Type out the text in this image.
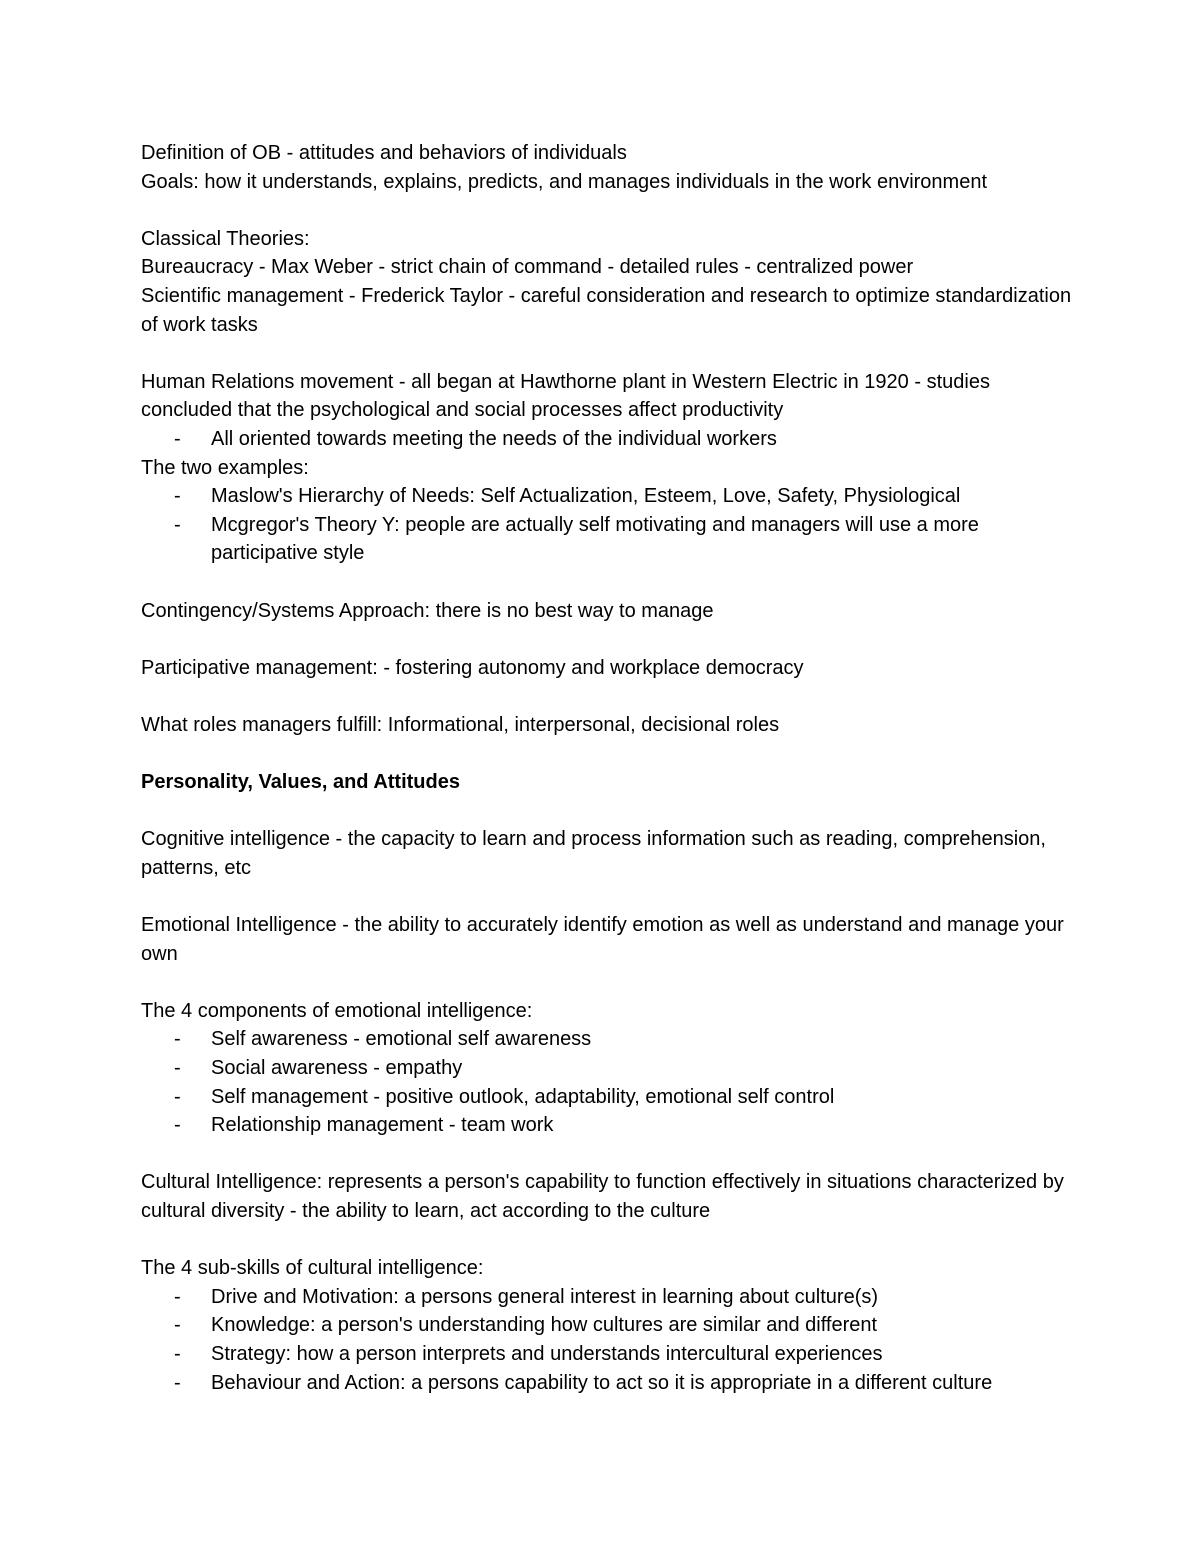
Definition of OB - attitudes and behaviors of individuals

Goals: how it understands, explains, predicts, and manages individuals in the work environment

Classical Theories:

Bureaucracy - Max Weber - strict chain of command - detailed rules - centralized power

Scientific management - Frederick Taylor - careful consideration and research to optimize standardization of work tasks

Human Relations movement - all began at Hawthorne plant in Western Electric in 1920 - studies concluded that the psychological and social processes affect productivity

- All oriented towards meeting the needs of the individual workers

The two examples:

- Maslow's Hierarchy of Needs: Self Actualization, Esteem, Love, Safety, Physiological
- Mcgregor's Theory Y: people are actually self motivating and managers will use a more participative style

Contingency/Systems Approach: there is no best way to manage

Participative management: - fostering autonomy and workplace democracy

What roles managers fulfill: Informational, interpersonal, decisional roles

Personality, Values, and Attitudes

Cognitive intelligence - the capacity to learn and process information such as reading, comprehension, patterns, etc

Emotional Intelligence - the ability to accurately identify emotion as well as understand and manage your own

The 4 components of emotional intelligence:

- Self awareness - emotional self awareness
- Social awareness - empathy
- Self management - positive outlook, adaptability, emotional self control
- Relationship management - team work

Cultural Intelligence: represents a person's capability to function effectively in situations characterized by cultural diversity - the ability to learn, act according to the culture

The 4 sub-skills of cultural intelligence:

- Drive and Motivation: a persons general interest in learning about culture(s)
- Knowledge: a person's understanding how cultures are similar and different
- Strategy: how a person interprets and understands intercultural experiences
- Behaviour and Action: a persons capability to act so it is appropriate in a different culture
